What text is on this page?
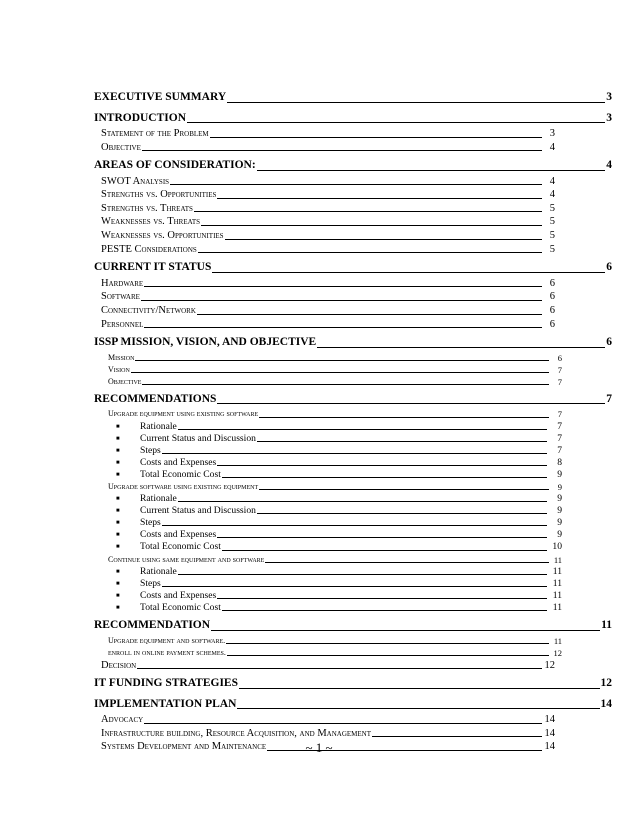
EXECUTIVE SUMMARY	3
INTRODUCTION	3
Statement of the Problem	3
Objective	4
AREAS OF CONSIDERATION:	4
SWOT Analysis	4
Strengths vs. Opportunities	4
Strengths vs. Threats	5
Weaknesses vs. Threats	5
Weaknesses vs. Opportunities	5
PESTE Considerations	5
CURRENT IT STATUS	6
Hardware	6
Software	6
Connectivity/Network	6
Personnel	6
ISSP MISSION, VISION, AND OBJECTIVE	6
Mission	6
Vision	7
Objective	7
RECOMMENDATIONS	7
Upgrade equipment using existing software	7
■	Rationale	7
■	Current Status and Discussion	7
■	Steps	7
■	Costs and Expenses	8
■	Total Economic Cost	9
Upgrade software using existing equipment	9
■	Rationale	9
■	Current Status and Discussion	9
■	Steps	9
■	Costs and Expenses	9
■	Total Economic Cost	10
Continue using same equipment and software	11
■	Rationale	11
■	Steps	11
■	Costs and Expenses	11
■	Total Economic Cost	11
RECOMMENDATION	11
Upgrade equipment and software.	11
enroll in online payment schemes.	12
Decision	12
IT FUNDING STRATEGIES	12
IMPLEMENTATION PLAN	14
Advocacy	14
Infrastructure building, Resource Acquisition, and Management	14
Systems Development and Maintenance	14
~ 1 ~
